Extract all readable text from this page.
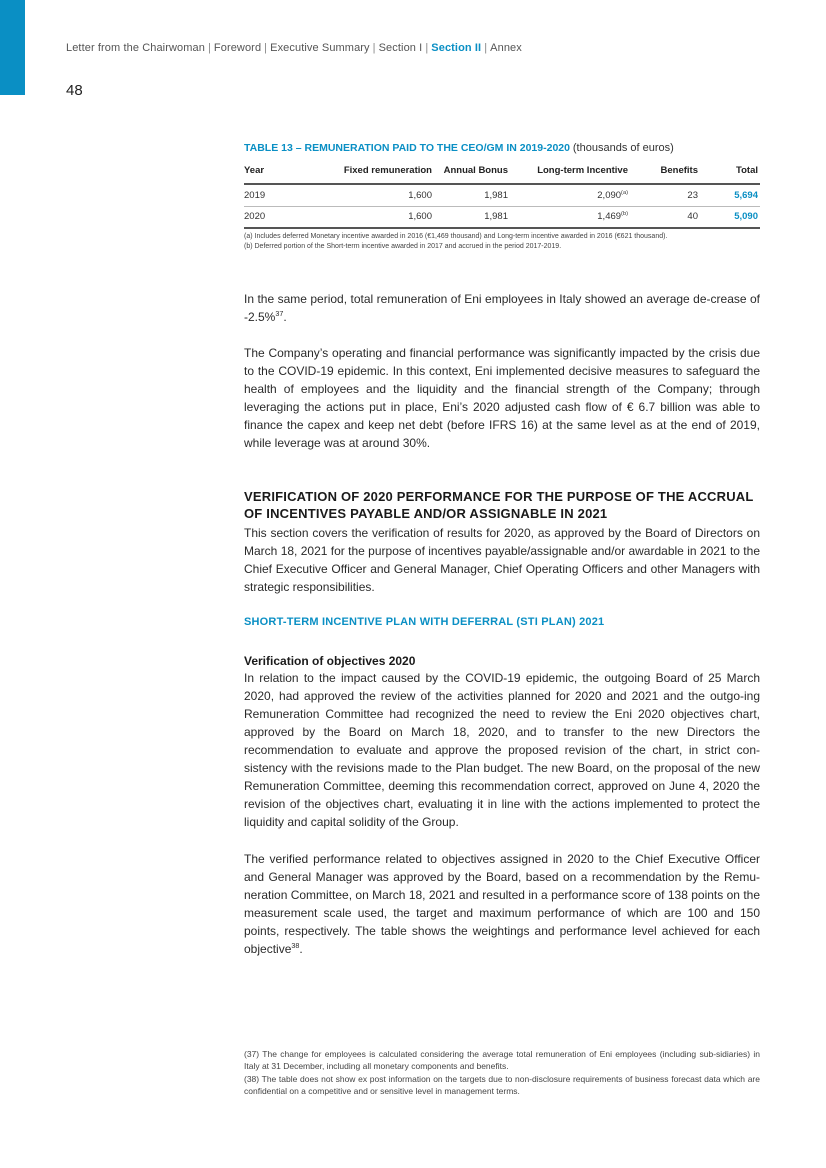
Letter from the Chairwoman | Foreword | Executive Summary | Section I | Section II | Annex
48
TABLE 13 – REMUNERATION PAID TO THE CEO/GM IN 2019-2020 (thousands of euros)
Year	Fixed remuneration	Annual Bonus	Long-term Incentive	Benefits	Total
2019	1,600	1,981	2,090$^{(a)}$	23	5,694
2020	1,600	1,981	1,469$^{(b)}$	40	5,090

(a) Includes deferred Monetary incentive awarded in 2016 (€1,469 thousand) and Long-term incentive awarded in 2016 (€621 thousand).

(b) Deferred portion of the Short-term incentive awarded in 2017 and accrued in the period 2017-2019.

In the same period, total remuneration of Eni employees in Italy showed an average de-crease of -2.5%$^{37}$.

The Company’s operating and financial performance was significantly impacted by the crisis due to the COVID-19 epidemic. In this context, Eni implemented decisive measures to safeguard the health of employees and the liquidity and the financial strength of the Company; through leveraging the actions put in place, Eni’s 2020 adjusted cash flow of € 6.7 billion was able to finance the capex and keep net debt (before IFRS 16) at the same level as at the end of 2019, while leverage was at around 30%.

VERIFICATION OF 2020 PERFORMANCE FOR THE PURPOSE OF THE ACCRUAL OF INCENTIVES PAYABLE AND/OR ASSIGNABLE IN 2021

This section covers the verification of results for 2020, as approved by the Board of Directors on March 18, 2021 for the purpose of incentives payable/assignable and/or awardable in 2021 to the Chief Executive Officer and General Manager, Chief Operating Officers and other Managers with strategic responsibilities.

SHORT-TERM INCENTIVE PLAN WITH DEFERRAL (STI PLAN) 2021
Verification of objectives 2020

In relation to the impact caused by the COVID-19 epidemic, the outgoing Board of 25 March 2020, had approved the review of the activities planned for 2020 and 2021 and the outgo-ing Remuneration Committee had recognized the need to review the Eni 2020 objectives chart, approved by the Board on March 18, 2020, and to transfer to the new Directors the recommendation to evaluate and approve the proposed revision of the chart, in strict con-sistency with the revisions made to the Plan budget. The new Board, on the proposal of the new Remuneration Committee, deeming this recommendation correct, approved on June 4, 2020 the revision of the objectives chart, evaluating it in line with the actions implemented to protect the liquidity and capital solidity of the Group.

The verified performance related to objectives assigned in 2020 to the Chief Executive Officer and General Manager was approved by the Board, based on a recommendation by the Remu-neration Committee, on March 18, 2021 and resulted in a performance score of 138 points on the measurement scale used, the target and maximum performance of which are 100 and 150 points, respectively. The table shows the weightings and performance level achieved for each objective$^{38}$.

(37) The change for employees is calculated considering the average total remuneration of Eni employees (including sub-sidiaries) in Italy at 31 December, including all monetary components and benefits.

(38) The table does not show ex post information on the targets due to non-disclosure requirements of business forecast data which are confidential on a competitive and or sensitive level in management terms.
